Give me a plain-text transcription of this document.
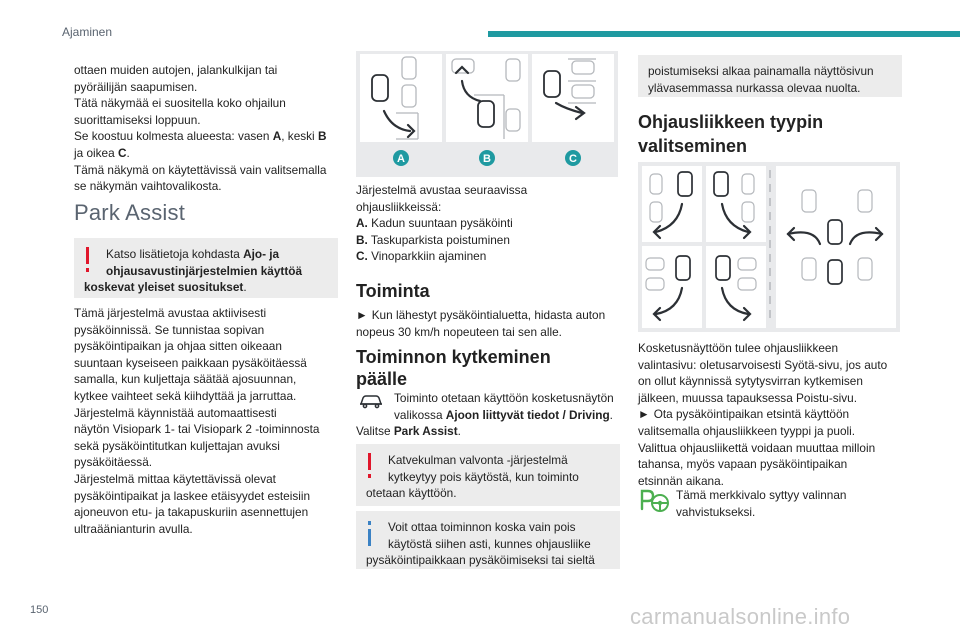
Ajaminen

ottaen muiden autojen, jalankulkijan tai

pyöräilijän saapumisen.

Tätä näkymää ei suositella koko ohjailun

suorittamiseksi loppuun.

Se koostuu kolmesta alueesta: vasen A, keski B

ja oikea C.

Tämä näkymä on käytettävissä vain valitsemalla

se näkymän vaihtovalikosta.

Park Assist

Katso lisätietoja kohdasta Ajo- ja

ohjausavustinjärjestelmien käyttöä

koskevat yleiset suositukset.

Tämä järjestelmä avustaa aktiivisesti

pysäköinnissä. Se tunnistaa sopivan

pysäköintipaikan ja ohjaa sitten oikeaan

suuntaan kyseiseen paikkaan pysäköitäessä

samalla, kun kuljettaja säätää ajosuunnan,

kytkee vaihteet sekä kiihdyttää ja jarruttaa.

Järjestelmä käynnistää automaattisesti

näytön Visiopark 1- tai Visiopark 2 -toiminnosta

sekä pysäköintitutkan kuljettajan avuksi

pysäköitäessä.

Järjestelmä mittaa käytettävissä olevat

pysäköintipaikat ja laskee etäisyydet esteisiin

ajoneuvon etu- ja takapuskuriin asennettujen

ultraäänianturin avulla.

A	B	C

Järjestelmä avustaa seuraavissa

ohjausliikkeissä:

A. Kadun suuntaan pysäköinti

B. Taskuparkista poistuminen

C. Vinoparkkiin ajaminen

Toiminta

► Kun lähestyt pysäköintialuetta, hidasta auton

nopeus 30 km/h nopeuteen tai sen alle.

Toiminnon kytkeminen
päälle

Toiminto otetaan käyttöön kosketusnäytön

valikossa Ajoon liittyvät tiedot / Driving.

Valitse Park Assist.

Katvekulman valvonta -järjestelmä

kytkeytyy pois käytöstä, kun toiminto

otetaan käyttöön.

Voit ottaa toiminnon koska vain pois

käytöstä siihen asti, kunnes ohjausliike

pysäköintipaikkaan pysäköimiseksi tai sieltä

poistumiseksi alkaa painamalla näyttösivun

ylävasemmassa nurkassa olevaa nuolta.

Ohjausliikkeen tyypin
valitseminen

Kosketusnäyttöön tulee ohjausliikkeen

valintasivu: oletusarvoisesti Syötä-sivu, jos auto

on ollut käynnissä sytytysvirran kytkemisen

jälkeen, muussa tapauksessa Poistu-sivu.

► Ota pysäköintipaikan etsintä käyttöön

valitsemalla ohjausliikkeen tyyppi ja puoli.

Valittua ohjausliikettä voidaan muuttaa milloin

tahansa, myös vapaan pysäköintipaikan

etsinnän aikana.

Tämä merkkivalo syttyy valinnan

vahvistukseksi.

150	carmanualsonline.info
